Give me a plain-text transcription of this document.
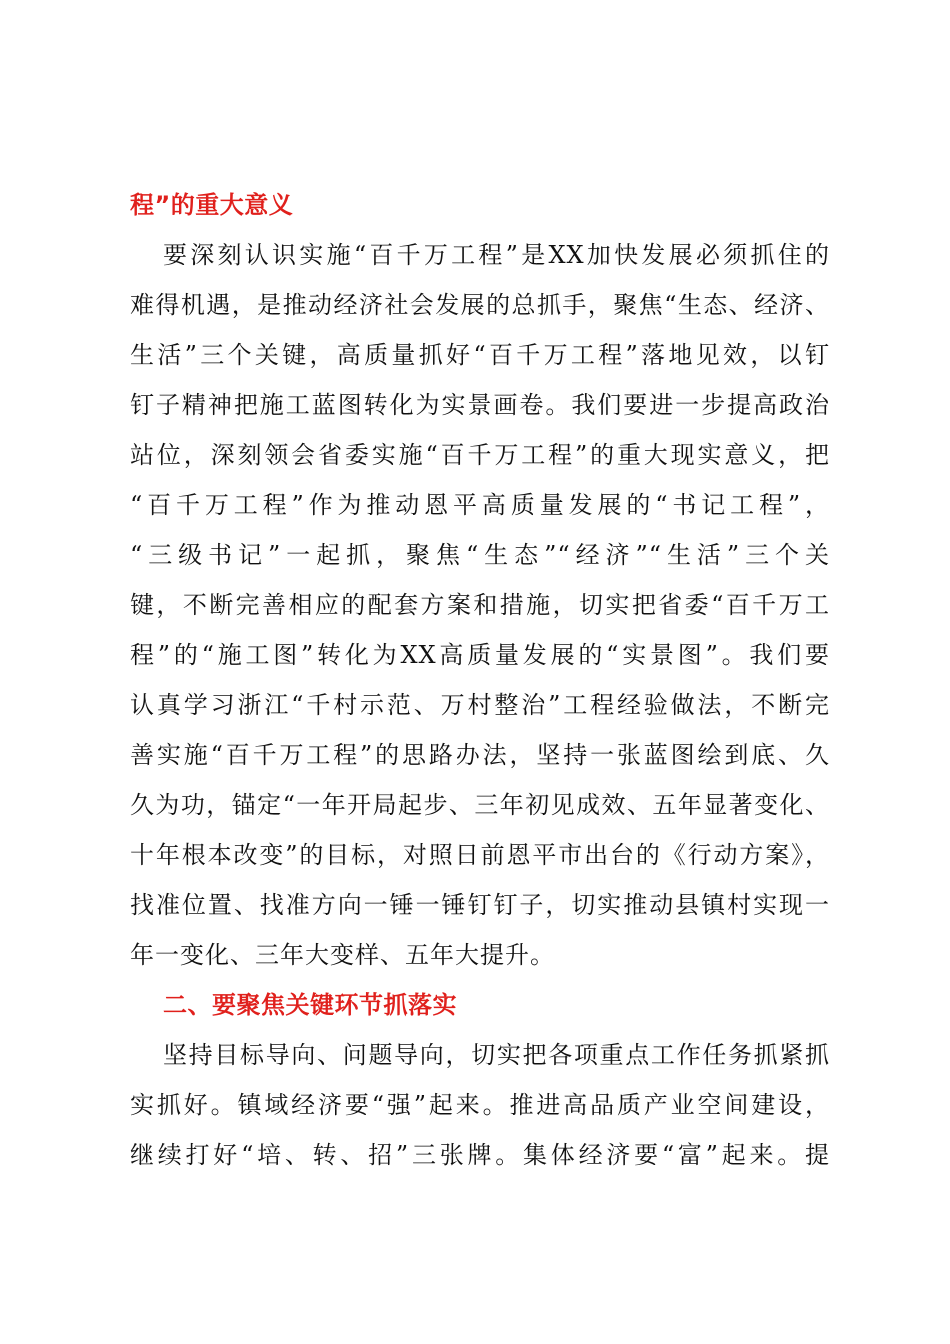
程”的重大意义
要深刻认识实施“百千万工程”是XX加快发展必须抓住的
难得机遇，是推动经济社会发展的总抓手，聚焦“生态、经济、
生活”三个关键，高质量抓好“百千万工程”落地见效，以钉
钉子精神把施工蓝图转化为实景画卷。我们要进一步提高政治
站位，深刻领会省委实施“百千万工程”的重大现实意义，把
“百千万工程”作为推动恩平高质量发展的“书记工程”，
“三级书记”一起抓，聚焦“生态”“经济”“生活”三个关
键，不断完善相应的配套方案和措施，切实把省委“百千万工
程”的“施工图”转化为XX高质量发展的“实景图”。我们要
认真学习浙江“千村示范、万村整治”工程经验做法，不断完
善实施“百千万工程”的思路办法，坚持一张蓝图绘到底、久
久为功，锚定“一年开局起步、三年初见成效、五年显著变化、
十年根本改变”的目标，对照日前恩平市出台的《行动方案》，
找准位置、找准方向一锤一锤钉钉子，切实推动县镇村实现一
年一变化、三年大变样、五年大提升。
二、要聚焦关键环节抓落实
坚持目标导向、问题导向，切实把各项重点工作任务抓紧抓
实抓好。镇域经济要“强”起来。推进高品质产业空间建设，
继续打好“培、转、招”三张牌。集体经济要“富”起来。提
